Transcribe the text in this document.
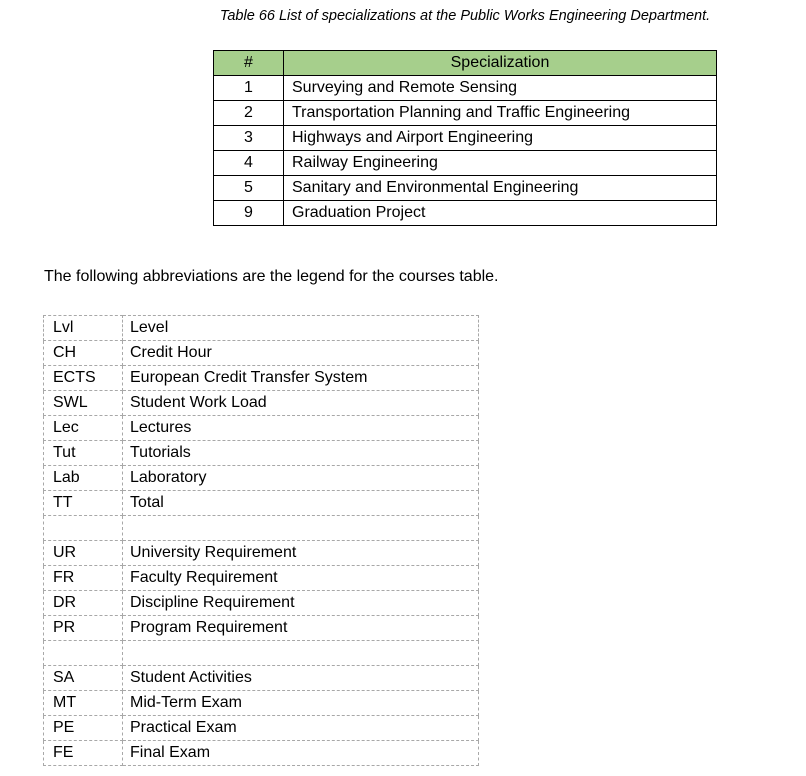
Table 66 List of specializations at the Public Works Engineering Department.
#	Specialization
1	Surveying and Remote Sensing
2	Transportation Planning and Traffic Engineering
3	Highways and Airport Engineering
4	Railway Engineering
5	Sanitary and Environmental Engineering
9	Graduation Project
The following abbreviations are the legend for the courses table.
Lvl	Level
CH	Credit Hour
ECTS	European Credit Transfer System
SWL	Student Work Load
Lec	Lectures
Tut	Tutorials
Lab	Laboratory
TT	Total

UR	University Requirement
FR	Faculty Requirement
DR	Discipline Requirement
PR	Program Requirement

SA	Student Activities
MT	Mid-Term Exam
PE	Practical Exam
FE	Final Exam
